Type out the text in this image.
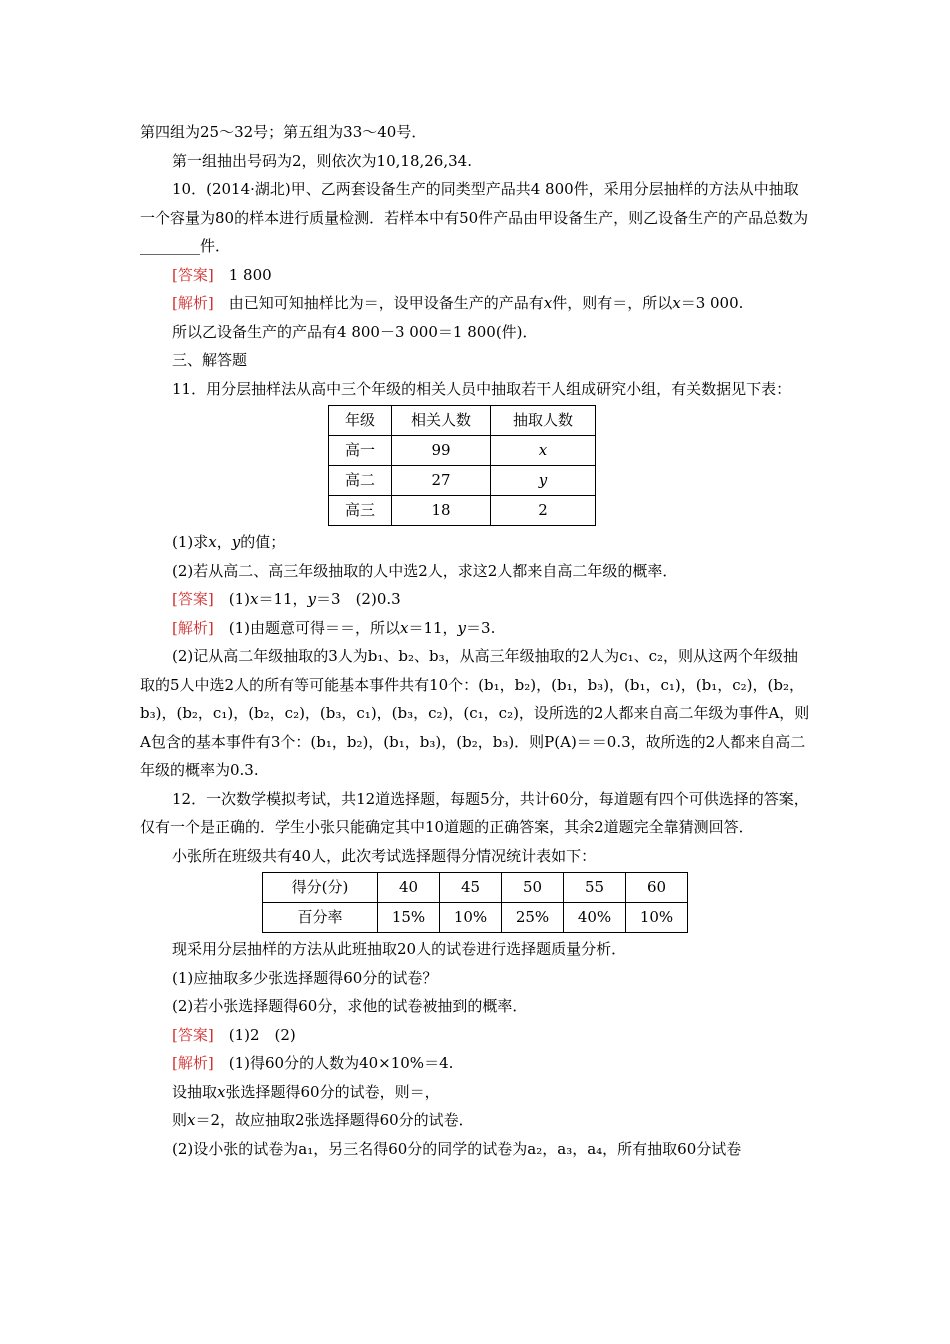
第四组为25～32号；第五组为33～40号．

第一组抽出号码为2，则依次为10,18,26,34.

10．(2014·湖北)甲、乙两套设备生产的同类型产品共4 800件，采用分层抽样的方法从中抽取一个容量为80的样本进行质量检测．若样本中有50件产品由甲设备生产，则乙设备生产的产品总数为________件．

[答案]　 1 800

[解析]　 由已知可知抽样比为＝，设甲设备生产的产品有x件，则有＝，所以x＝3 000.

所以乙设备生产的产品有4 800－3 000＝1 800(件)．

三、解答题

11．用分层抽样法从高中三个年级的相关人员中抽取若干人组成研究小组，有关数据见下表：

年级	相关人数	抽取人数
高一	99	x
高二	27	y
高三	18	2

(1)求x，y的值；

(2)若从高二、高三年级抽取的人中选2人，求这2人都来自高二年级的概率．

[答案]　 (1)x＝11，y＝3　(2)0.3

[解析]　 (1)由题意可得＝＝，所以x＝11，y＝3.

(2)记从高二年级抽取的3人为b₁、b₂、b₃，从高三年级抽取的2人为c₁、c₂，则从这两个年级抽取的5人中选2人的所有等可能基本事件共有10个：(b₁，b₂)，(b₁，b₃)，(b₁，c₁)，(b₁，c₂)，(b₂，b₃)，(b₂，c₁)，(b₂，c₂)，(b₃，c₁)，(b₃，c₂)，(c₁，c₂)，设所选的2人都来自高二年级为事件A，则A包含的基本事件有3个：(b₁，b₂)，(b₁，b₃)，(b₂，b₃)．则P(A)＝＝0.3，故所选的2人都来自高二年级的概率为0.3.

12．一次数学模拟考试，共12道选择题，每题5分，共计60分，每道题有四个可供选择的答案，仅有一个是正确的．学生小张只能确定其中10道题的正确答案，其余2道题完全靠猜测回答．

小张所在班级共有40人，此次考试选择题得分情况统计表如下：

得分(分)	40	45	50	55	60
百分率	15%	10%	25%	40%	10%

现采用分层抽样的方法从此班抽取20人的试卷进行选择题质量分析．

(1)应抽取多少张选择题得60分的试卷？

(2)若小张选择题得60分，求他的试卷被抽到的概率．

[答案]　 (1)2　(2)

[解析]　 (1)得60分的人数为40×10%＝4.

设抽取x张选择题得60分的试卷，则＝，

则x＝2，故应抽取2张选择题得60分的试卷．

(2)设小张的试卷为a₁，另三名得60分的同学的试卷为a₂，a₃，a₄，所有抽取60分试卷
